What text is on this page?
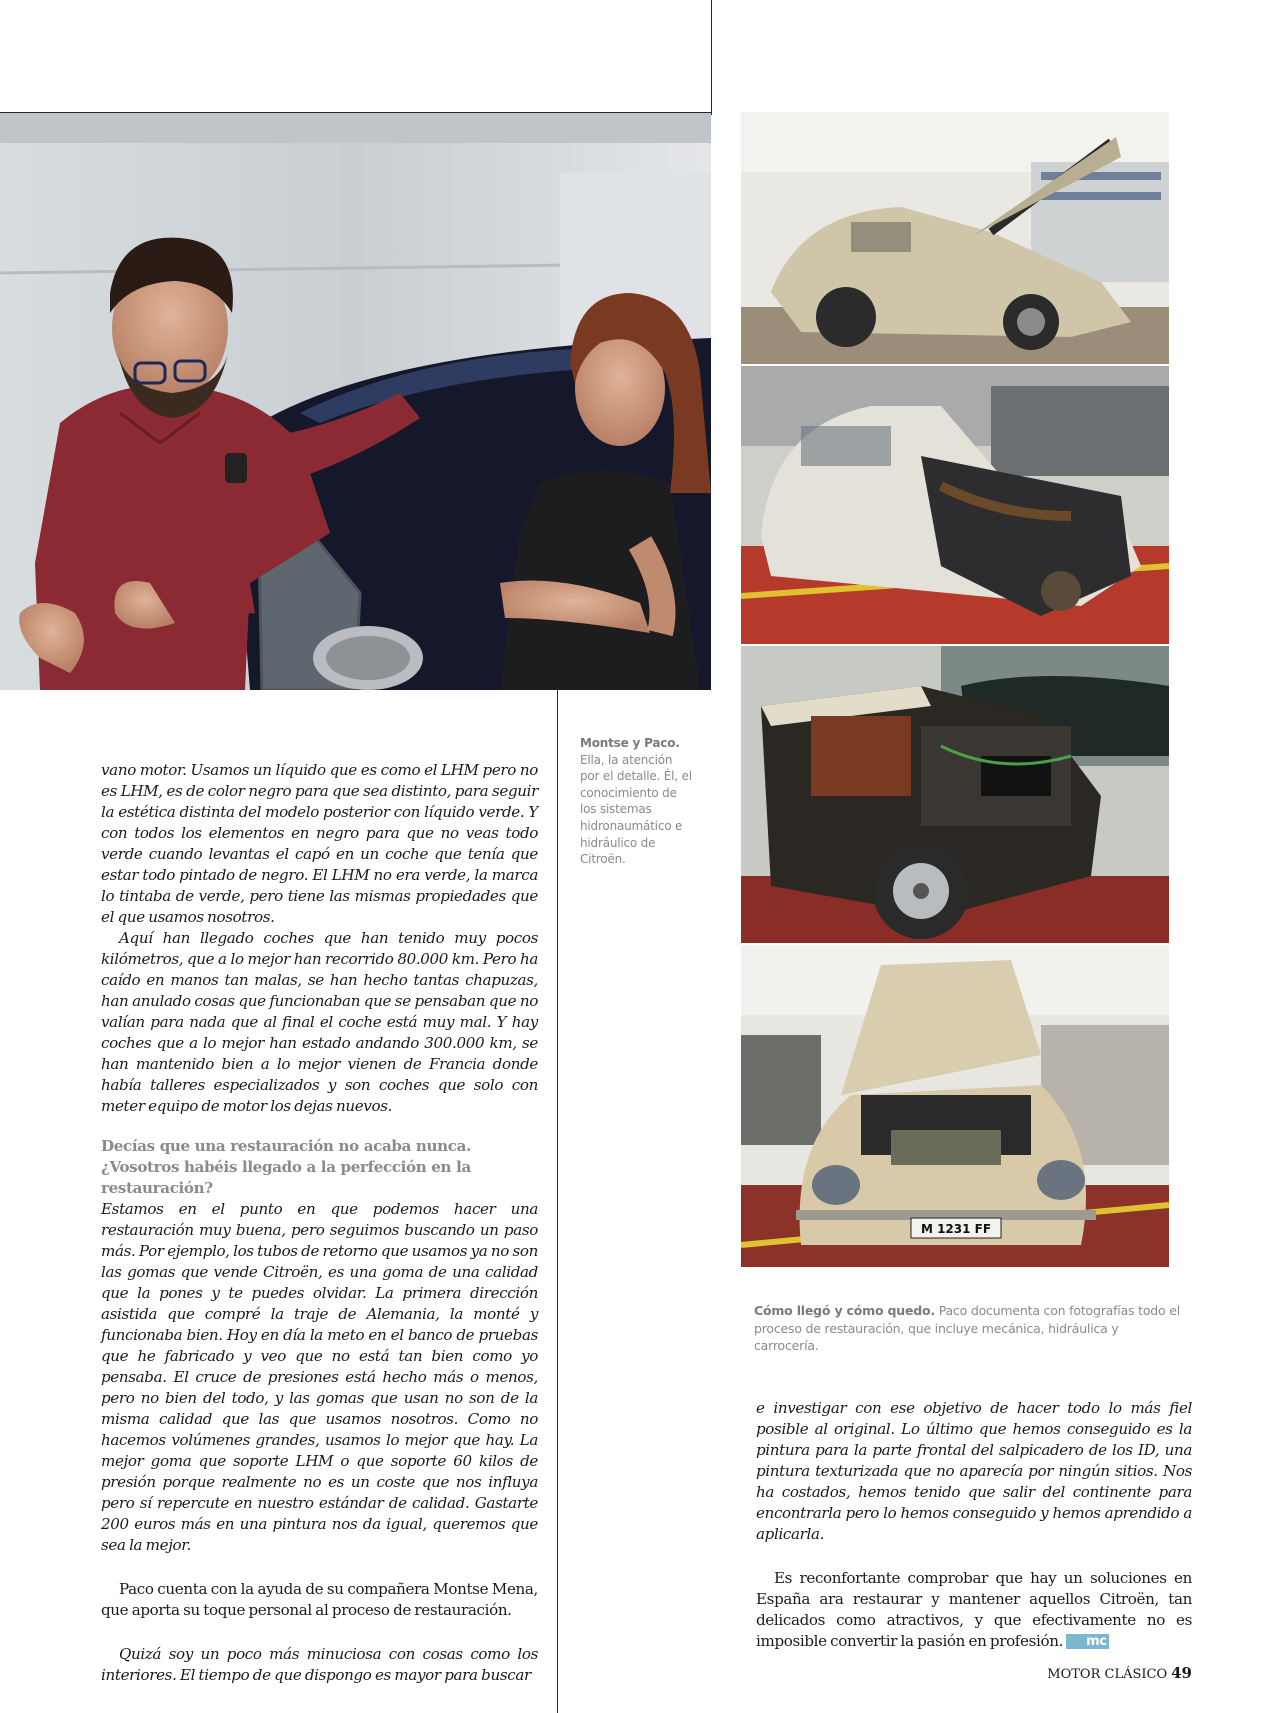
M 1231 FF
Montse y Paco. Ella, la atención por el detalle. Él, el conocimiento de los sistemas hidronaumático e hidráulico de Citroën.
Cómo llegó y cómo quedo. Paco documenta con fotografías todo el proceso de restauración, que incluye mecánica, hidráulica y carrocería.

vano motor. Usamos un líquido que es como el LHM pero no es LHM, es de color negro para que sea distinto, para seguir la estética distinta del modelo posterior con líquido verde. Y con todos los elementos en negro para que no veas todo verde cuando levantas el capó en un coche que tenía que estar todo pintado de negro. El LHM no era verde, la marca lo tintaba de verde, pero tiene las mismas propiedades que el que usamos nosotros.

Aquí han llegado coches que han tenido muy pocos kilómetros, que a lo mejor han recorrido 80.000 km. Pero ha caído en manos tan malas, se han hecho tantas chapuzas, han anulado cosas que funcionaban que se pensaban que no valían para nada que al final el coche está muy mal. Y hay coches que a lo mejor han estado andando 300.000 km, se han mantenido bien a lo mejor vienen de Francia donde había talleres especializados y son coches que solo con meter equipo de motor los dejas nuevos.

Decías que una restauración no acaba nunca. ¿Vosotros habéis llegado a la perfección en la restauración?

Estamos en el punto en que podemos hacer una restauración muy buena, pero seguimos buscando un paso más. Por ejemplo, los tubos de retorno que usamos ya no son las gomas que vende Citroën, es una goma de una calidad que la pones y te puedes olvidar. La primera dirección asistida que compré la traje de Alemania, la monté y funcionaba bien. Hoy en día la meto en el banco de pruebas que he fabricado y veo que no está tan bien como yo pensaba. El cruce de presiones está hecho más o menos, pero no bien del todo, y las gomas que usan no son de la misma calidad que las que usamos nosotros. Como no hacemos volúmenes grandes, usamos lo mejor que hay. La mejor goma que soporte LHM o que soporte 60 kilos de presión porque realmente no es un coste que nos influya pero sí repercute en nuestro estándar de calidad. Gastarte 200 euros más en una pintura nos da igual, queremos que sea la mejor.

Paco cuenta con la ayuda de su compañera Montse Mena, que aporta su toque personal al proceso de restauración.

Quizá soy un poco más minuciosa con cosas como los interiores. El tiempo de que dispongo es mayor para buscar

e investigar con ese objetivo de hacer todo lo más fiel posible al original. Lo último que hemos conseguido es la pintura para la parte frontal del salpicadero de los ID, una pintura texturizada que no aparecía por ningún sitios. Nos ha costados, hemos tenido que salir del continente para encontrarla pero lo hemos conseguido y hemos aprendido a aplicarla.

Es reconfortante comprobar que hay un soluciones en España ara restaurar y mantener aquellos Citroën, tan delicados como atractivos, y que efectivamente no es imposible convertir la pasión en profesión. mc

MOTOR CLÁSICO 49
